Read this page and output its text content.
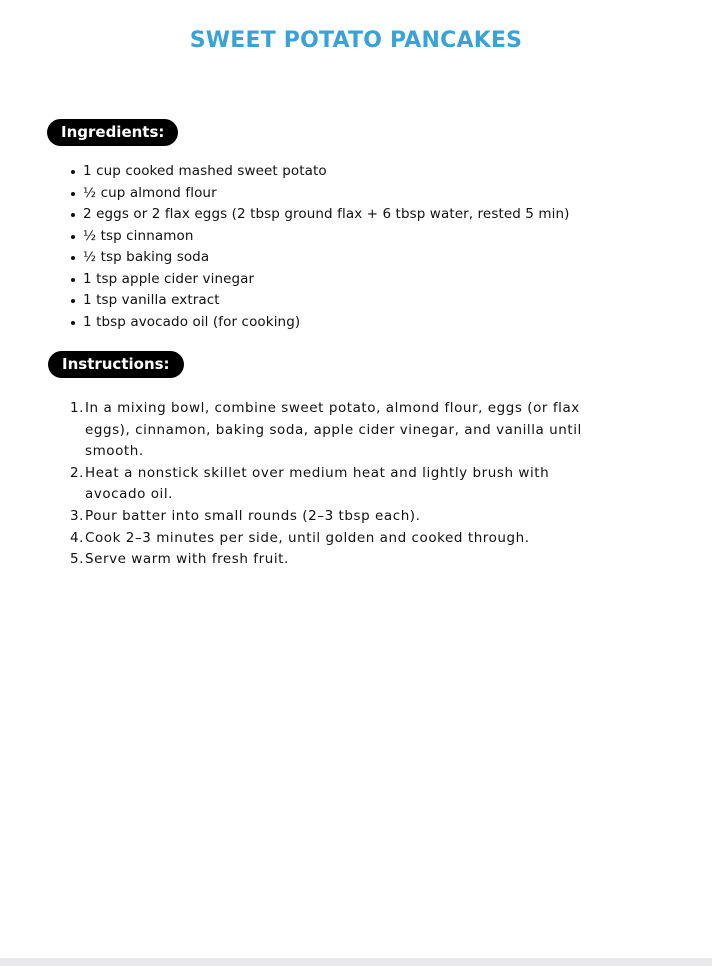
SWEET POTATO PANCAKES
Ingredients:
1 cup cooked mashed sweet potato
½ cup almond flour
2 eggs or 2 flax eggs (2 tbsp ground flax + 6 tbsp water, rested 5 min)
½ tsp cinnamon
½ tsp baking soda
1 tsp apple cider vinegar
1 tsp vanilla extract
1 tbsp avocado oil (for cooking)
Instructions:
1. In a mixing bowl, combine sweet potato, almond flour, eggs (or flax eggs), cinnamon, baking soda, apple cider vinegar, and vanilla until smooth.
2. Heat a nonstick skillet over medium heat and lightly brush with avocado oil.
3. Pour batter into small rounds (2–3 tbsp each).
4. Cook 2–3 minutes per side, until golden and cooked through.
5. Serve warm with fresh fruit.
